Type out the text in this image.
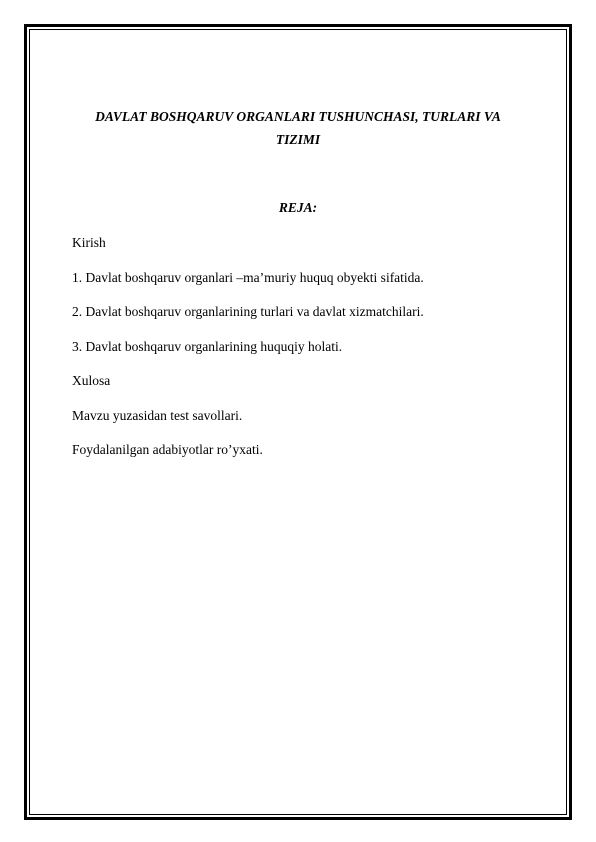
DAVLAT BOSHQARUV ORGANLARI TUSHUNCHASI, TURLARI VA
TIZIMI
REJA:
Kirish
1. Davlat boshqaruv organlari –ma’muriy huquq obyekti sifatida.
2. Davlat boshqaruv organlarining turlari va davlat xizmatchilari.
3. Davlat boshqaruv organlarining huquqiy holati.
Xulosa
Mavzu yuzasidan test savollari.
Foydalanilgan adabiyotlar ro’yxati.
